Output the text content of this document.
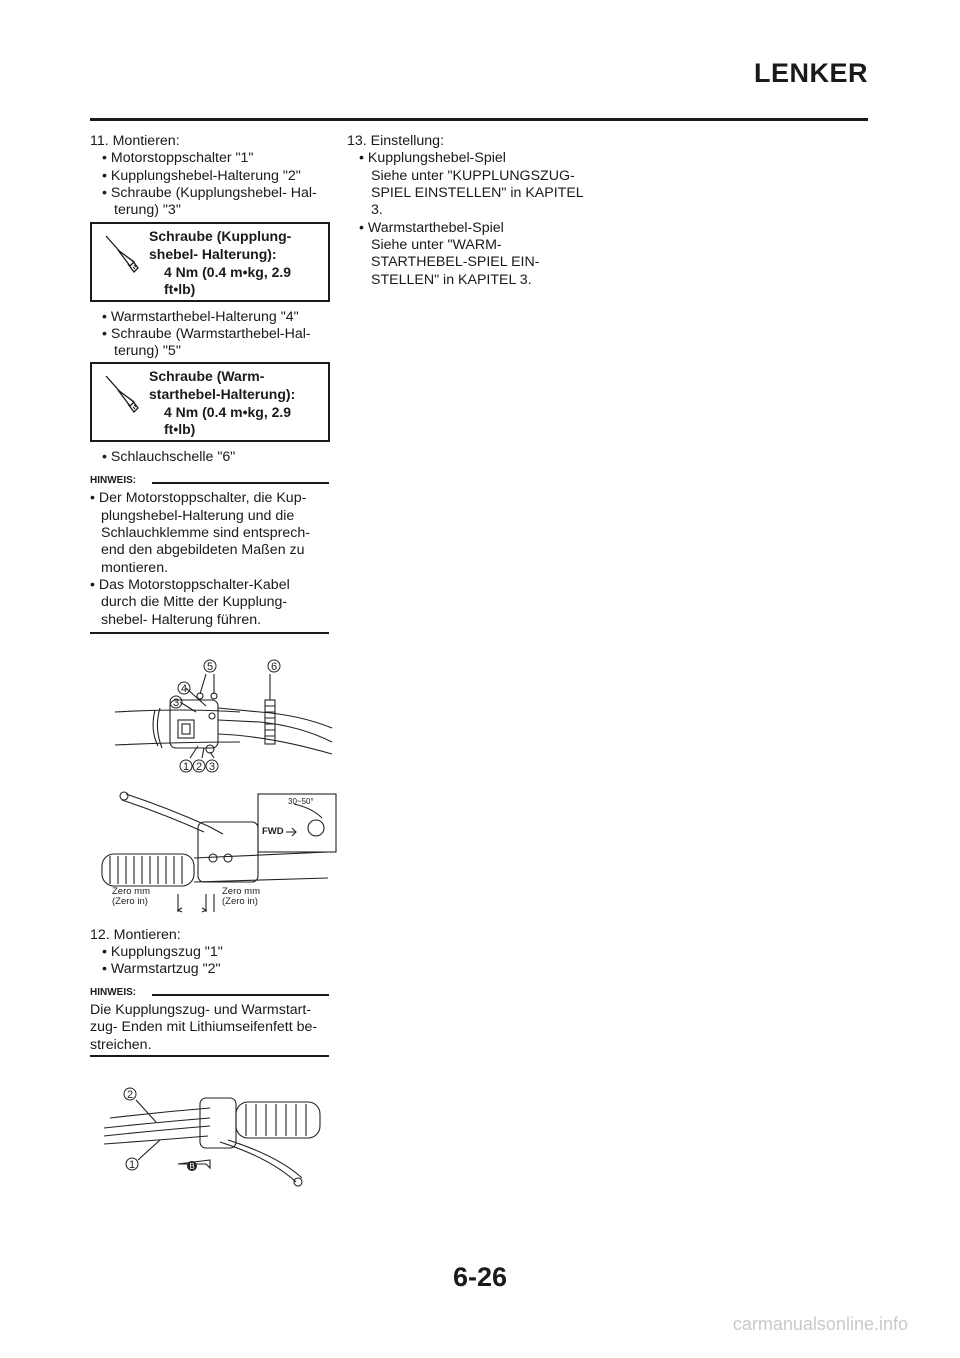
LENKER
11. Montieren:
• Motorstoppschalter "1"
• Kupplungshebel-Halterung "2"
• Schraube (Kupplungshebel- Hal-
terung) "3"
Schraube (Kupplung-
shebel- Halterung):
4 Nm (0.4 m•kg, 2.9
ft•lb)
• Warmstarthebel-Halterung "4"
• Schraube (Warmstarthebel-Hal-
terung) "5"
Schraube (Warm-
starthebel-Halterung):
4 Nm (0.4 m•kg, 2.9
ft•lb)
• Schlauchschelle "6"
HINWEIS:
• Der Motorstoppschalter, die Kup-
plungshebel-Halterung und die
Schlauchklemme sind entsprech-
end den abgebildeten Maßen zu
montieren.
• Das Motorstoppschalter-Kabel
durch die Mitte der Kupplung-
shebel- Halterung führen.
5	6
4
3
1 2 3
FWD
30~50°
Zero mm
(Zero in)
Zero mm
(Zero in)
12. Montieren:
• Kupplungszug "1"
• Warmstartzug "2"
HINWEIS:
Die Kupplungszug- und Warmstart-
zug- Enden mit Lithiumseifenfett be-
streichen.
2
1	B
13. Einstellung:
• Kupplungshebel-Spiel
Siehe unter "KUPPLUNGSZUG-
SPIEL EINSTELLEN" in KAPITEL
3.
• Warmstarthebel-Spiel
Siehe unter "WARM-
STARTHEBEL-SPIEL EIN-
STELLEN" in KAPITEL 3.
6-26
carmanualsonline.info
